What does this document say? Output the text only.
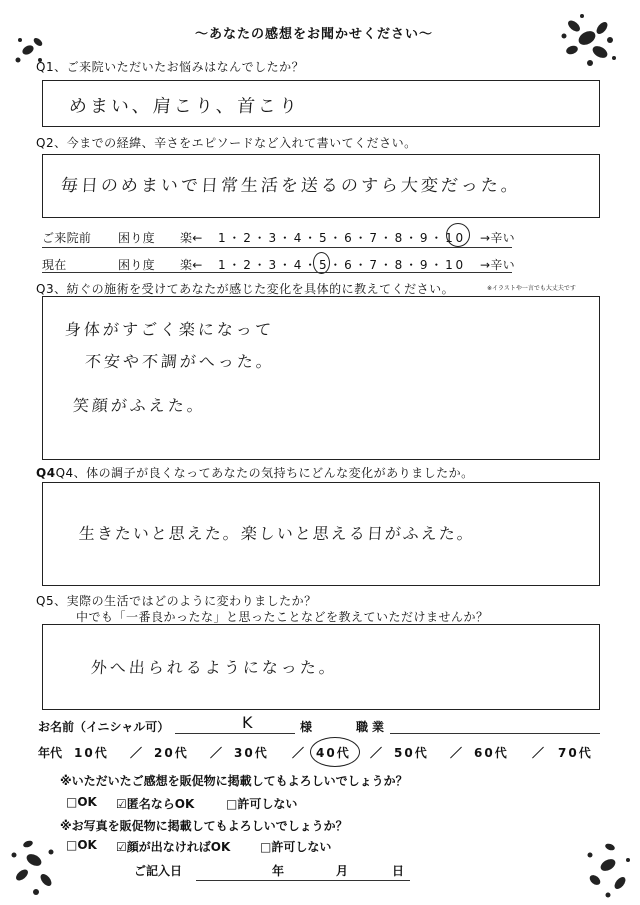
～あなたの感想をお聞かせください～
Q1、ご来院いただいたお悩みはなんでしたか？
めまい、肩こり、首こり
Q2、今までの経緯、辛さをエピソードなど入れて書いてください。
毎日のめまいで日常生活を送るのすら大変だった。
ご来院前 困り度 楽← 1・2・3・4・5・6・7・8・9・10 →辛い
現在	困り度 楽← 1・2・3・4・5・6・7・8・9・10 →辛い
Q3、紡ぐの施術を受けてあなたが感じた変化を具体的に教えてください。	※イラストや一言でも大丈夫です
身体がすごく楽になって
不安や不調がへった。
笑顔がふえた。
Q4Q4、体の調子が良くなってあなたの気持ちにどんな変化がありましたか。
生きたいと思えた。楽しいと思える日がふえた。
Q5、実際の生活ではどのように変わりましたか？
中でも「一番良かったな」と思ったことなどを教えていただけませんか？
外へ出られるようになった。
お名前（イニシャル可）	K	様	職業
年代 10代 ／ 20代 ／ 30代 ／ 40代 ／ 50代 ／ 60代 ／ 70代
※いただいたご感想を販促物に掲載してもよろしいでしょうか？
□OK ☑匿名ならOK	□許可しない
※お写真を販促物に掲載してもよろしいでしょうか？
□OK ☑顔が出なければOK □許可しない
ご記入日	年	月	日
